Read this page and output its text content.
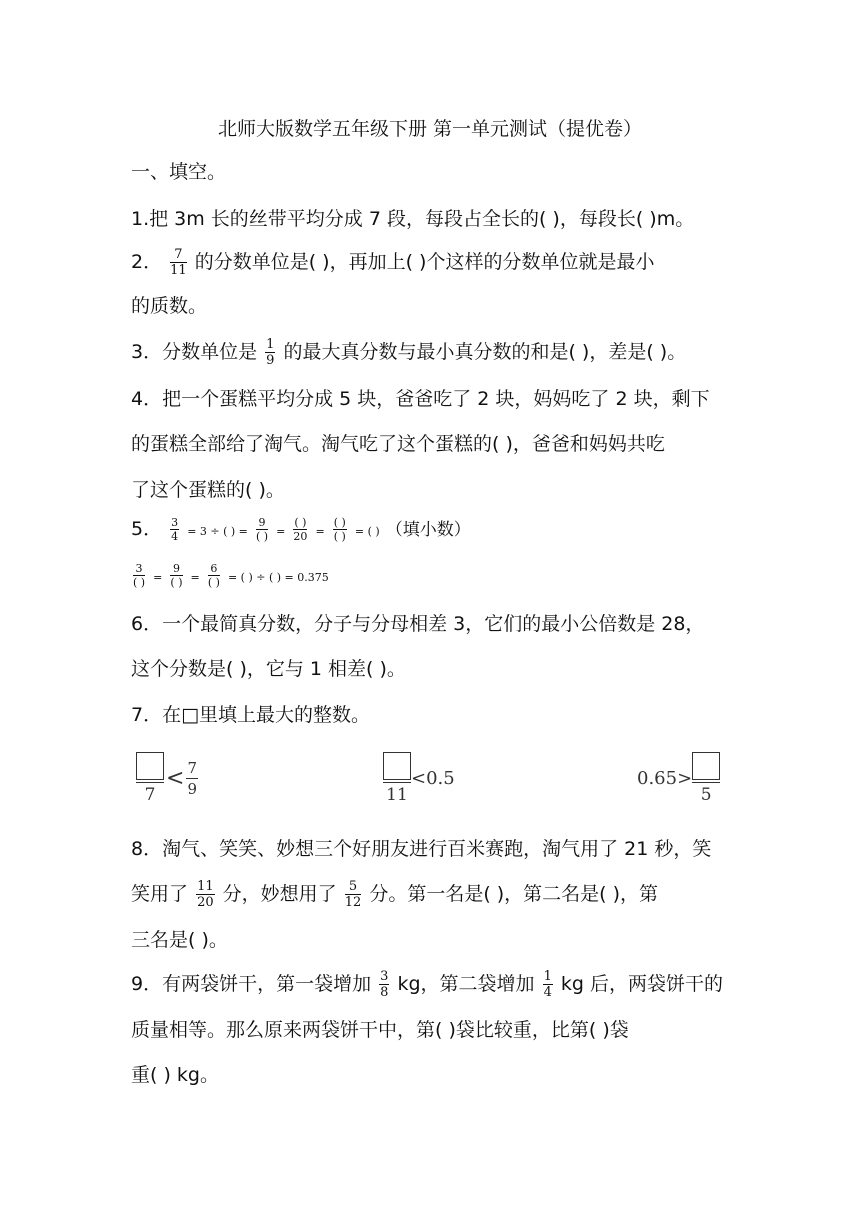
北师大版数学五年级下册 第一单元测试（提优卷）
一、填空。
1.把 3m 长的丝带平均分成 7 段，每段占全长的( )，每段长( )m。
2． $\frac{7}{11}$ 的分数单位是( )，再加上( )个这样的分数单位就是最小
的质数。
3．分数单位是 $\frac{1}{9}$ 的最大真分数与最小真分数的和是( )，差是( )。
4．把一个蛋糕平均分成 5 块，爸爸吃了 2 块，妈妈吃了 2 块，剩下
的蛋糕全部给了淘气。淘气吃了这个蛋糕的( )，爸爸和妈妈共吃
了这个蛋糕的( )。
5． $\frac{3}{4} = 3$ ÷ ( ) = $\frac{9}{( )} = \frac{( )}{20} = \frac{( )}{( )}$ = ( ) （填小数）
$\frac{3}{( )} = \frac{9}{( )} = \frac{6}{( )}$ = ( ) ÷ ( ) = 0.375
6．一个最简真分数，分子与分母相差 3，它们的最小公倍数是 28，
这个分数是( )，它与 1 相差( )。
7．在□里填上最大的整数。
7
< $\frac{7}{9}$	11
<0.5	0.65>
5
8．淘气、笑笑、妙想三个好朋友进行百米赛跑，淘气用了 21 秒，笑
笑用了 $\frac{11}{20}$ 分，妙想用了 $\frac{5}{12}$ 分。第一名是( )，第二名是( )，第
三名是( )。
9．有两袋饼干，第一袋增加 $\frac{3}{8}$ kg，第二袋增加 $\frac{1}{4}$ kg 后，两袋饼干的
质量相等。那么原来两袋饼干中，第( )袋比较重，比第( )袋
重( ) kg。
